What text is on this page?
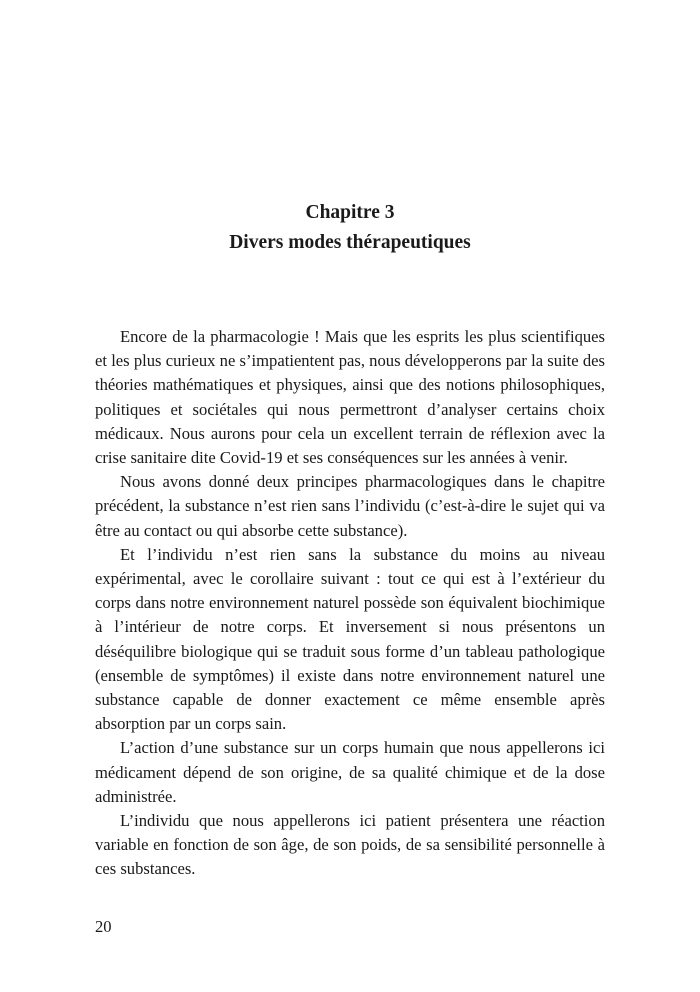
Chapitre 3
Divers modes thérapeutiques

Encore de la pharmacologie ! Mais que les esprits les plus scientifiques et les plus curieux ne s’impatientent pas, nous développerons par la suite des théories mathématiques et physiques, ainsi que des notions philosophiques, politiques et sociétales qui nous permettront d’analyser certains choix médicaux. Nous aurons pour cela un excellent terrain de réflexion avec la crise sanitaire dite Covid-19 et ses conséquences sur les années à venir.

Nous avons donné deux principes pharmacologiques dans le chapitre précédent, la substance n’est rien sans l’individu (c’est-à-dire le sujet qui va être au contact ou qui absorbe cette substance).

Et l’individu n’est rien sans la substance du moins au niveau expérimental, avec le corollaire suivant : tout ce qui est à l’extérieur du corps dans notre environnement naturel possède son équivalent biochimique à l’intérieur de notre corps. Et inversement si nous présentons un déséquilibre biologique qui se traduit sous forme d’un tableau pathologique (ensemble de symptômes) il existe dans notre environnement naturel une substance capable de donner exactement ce même ensemble après absorption par un corps sain.

L’action d’une substance sur un corps humain que nous appellerons ici médicament dépend de son origine, de sa qualité chimique et de la dose administrée.

L’individu que nous appellerons ici patient présentera une réaction variable en fonction de son âge, de son poids, de sa sensibilité personnelle à ces substances.

20
